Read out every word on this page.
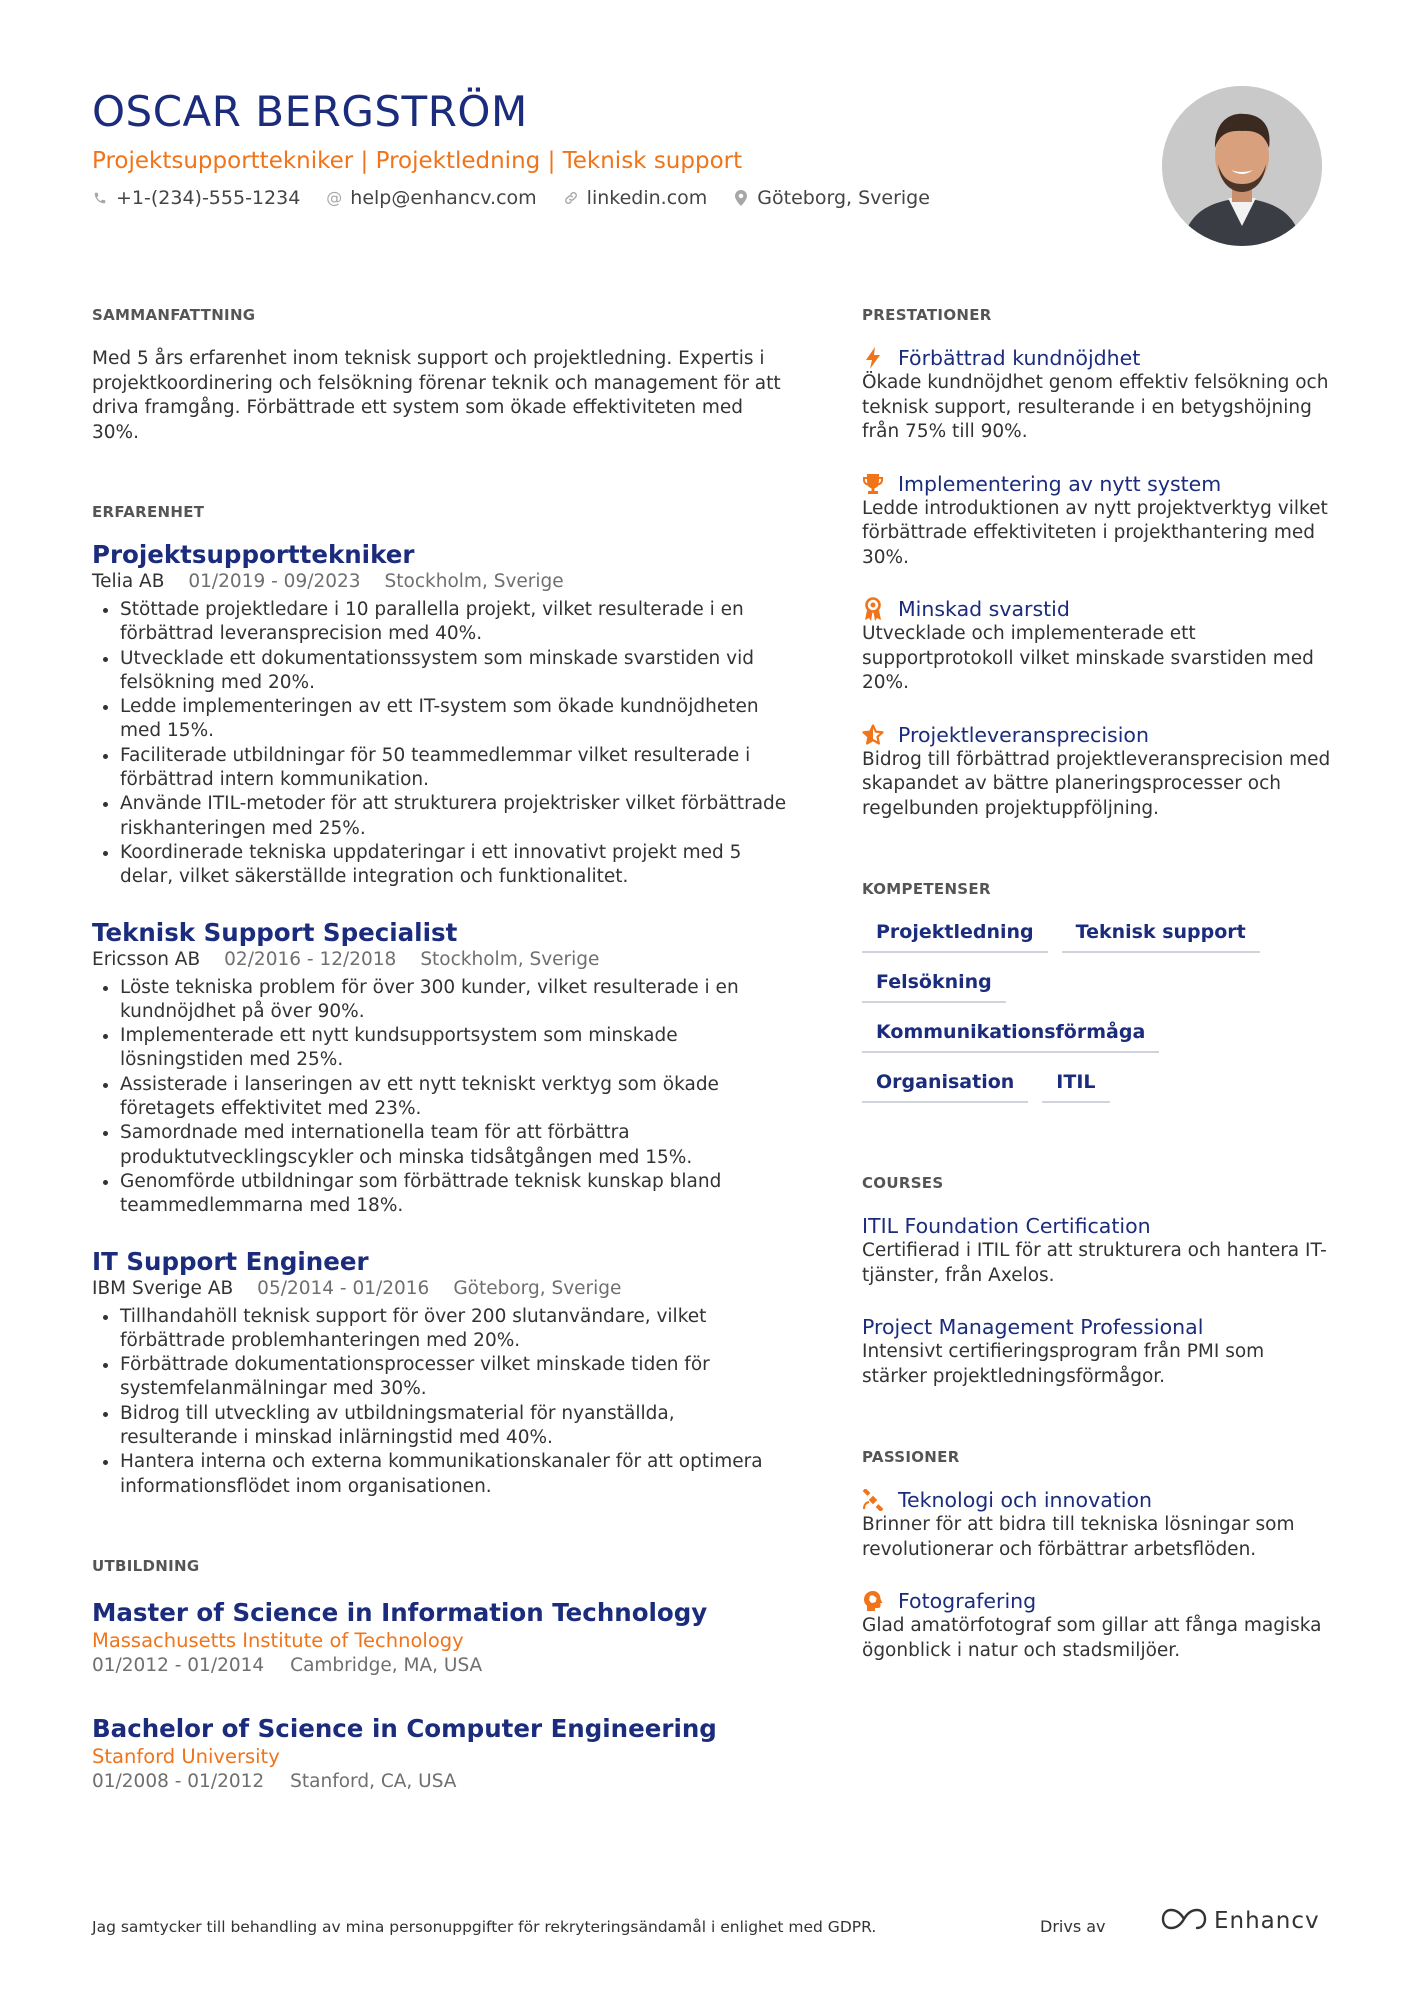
OSCAR BERGSTRÖM
Projektsupporttekniker | Projektledning | Teknisk support
+1-(234)-555-1234 @ help@enhancv.com	linkedin.com	Göteborg, Sverige
SAMMANFATTNING

Med 5 års erfarenhet inom teknisk support och projektledning. Expertis i projektkoordinering och felsökning förenar teknik och management för att driva framgång. Förbättrade ett system som ökade effektiviteten med 30%.

ERFARENHET
Projektsupporttekniker
Telia AB 01/2019 - 09/2023 Stockholm, Sverige
• Stöttade projektledare i 10 parallella projekt, vilket resulterade i en förbättrad leveransprecision med 40%.
• Utvecklade ett dokumentationssystem som minskade svarstiden vid felsökning med 20%.
• Ledde implementeringen av ett IT-system som ökade kundnöjdheten med 15%.
• Faciliterade utbildningar för 50 teammedlemmar vilket resulterade i förbättrad intern kommunikation.
• Använde ITIL-metoder för att strukturera projektrisker vilket förbättrade riskhanteringen med 25%.
• Koordinerade tekniska uppdateringar i ett innovativt projekt med 5 delar, vilket säkerställde integration och funktionalitet.
Teknisk Support Specialist
Ericsson AB 02/2016 - 12/2018 Stockholm, Sverige
• Löste tekniska problem för över 300 kunder, vilket resulterade i en kundnöjdhet på över 90%.
• Implementerade ett nytt kundsupportsystem som minskade lösningstiden med 25%.
• Assisterade i lanseringen av ett nytt tekniskt verktyg som ökade företagets effektivitet med 23%.
• Samordnade med internationella team för att förbättra produktutvecklingscykler och minska tidsåtgången med 15%.
• Genomförde utbildningar som förbättrade teknisk kunskap bland teammedlemmarna med 18%.
IT Support Engineer
IBM Sverige AB 05/2014 - 01/2016 Göteborg, Sverige
• Tillhandahöll teknisk support för över 200 slutanvändare, vilket förbättrade problemhanteringen med 20%.
• Förbättrade dokumentationsprocesser vilket minskade tiden för systemfelanmälningar med 30%.
• Bidrog till utveckling av utbildningsmaterial för nyanställda, resulterande i minskad inlärningstid med 40%.
• Hantera interna och externa kommunikationskanaler för att optimera informationsflödet inom organisationen.
UTBILDNING
Master of Science in Information Technology
Massachusetts Institute of Technology
01/2012 - 01/2014 Cambridge, MA, USA
Bachelor of Science in Computer Engineering
Stanford University
01/2008 - 01/2012 Stanford, CA, USA
PRESTATIONER
Förbättrad kundnöjdhet

Ökade kundnöjdhet genom effektiv felsökning och teknisk support, resulterande i en betygshöjning från 75% till 90%.

Implementering av nytt system

Ledde introduktionen av nytt projektverktyg vilket förbättrade effektiviteten i projekthantering med 30%.

Minskad svarstid

Utvecklade och implementerade ett supportprotokoll vilket minskade svarstiden med 20%.

Projektleveransprecision

Bidrog till förbättrad projektleveransprecision med skapandet av bättre planeringsprocesser och regelbunden projektuppföljning.

KOMPETENSER
Projektledning	Teknisk support
Felsökning
Kommunikationsförmåga
Organisation	ITIL
COURSES
ITIL Foundation Certification

Certifierad i ITIL för att strukturera och hantera IT-tjänster, från Axelos.

Project Management Professional

Intensivt certifieringsprogram från PMI som stärker projektledningsförmågor.

PASSIONER
Teknologi och innovation

Brinner för att bidra till tekniska lösningar som revolutionerar och förbättrar arbetsflöden.

Fotografering

Glad amatörfotograf som gillar att fånga magiska ögonblick i natur och stadsmiljöer.

Jag samtycker till behandling av mina personuppgifter för rekryteringsändamål i enlighet med GDPR.	Drivs av	Enhancv
